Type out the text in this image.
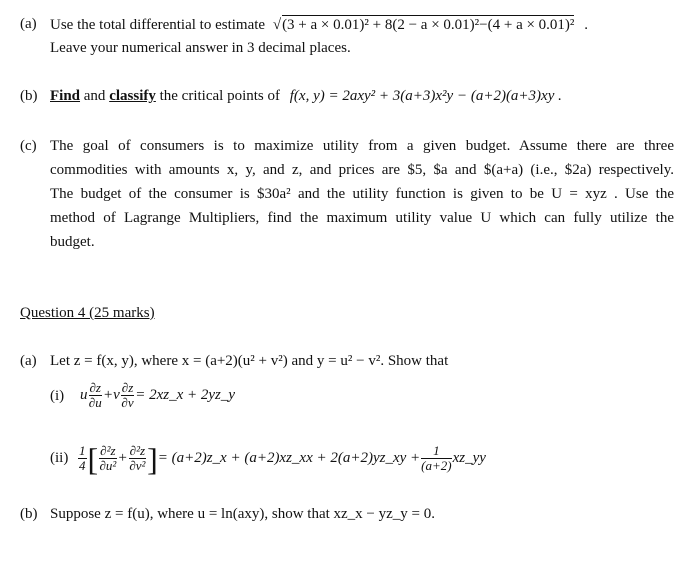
(a) Use the total differential to estimate √(3 + a × 0.01)² + 8(2 − a × 0.01)²−(4 + a × 0.01)² .
Leave your numerical answer in 3 decimal places.
(b) Find and classify the critical points of f(x, y) = 2axy² + 3(a+3)x²y − (a+2)(a+3)xy .
(c) The goal of consumers is to maximize utility from a given budget. Assume there are three
commodities with amounts x, y, and z, and prices are $5, $a and $(a+a) (i.e., $2a) respectively.
The budget of the consumer is $30a² and the utility function is given to be U = xyz . Use the
method of Lagrange Multipliers, find the maximum utility value U which can fully utilize the
budget.
Question 4 (25 marks)
(a) Let z = f(x, y), where x = (a+2)(u² + v²) and y = u² − v². Show that
(i) u $\frac{\partial z}{\partial u} +v \frac{\partial z}{\partial v}$ = 2xz_x + 2yz_y
$(ii) \frac{1}{4}$ [ $\frac{\text{∂²z}}{\text{∂u²}} + \frac{\text{∂²z}}{\text{∂v²}}$ ]= (a+2)z_x + (a+2)xz_xx + 2(a+2)yz_xy + $\frac{1}{(a+2)}$ xz_yy
(b) Suppose z = f(u), where u = ln(axy), show that xz_x − yz_y = 0.
